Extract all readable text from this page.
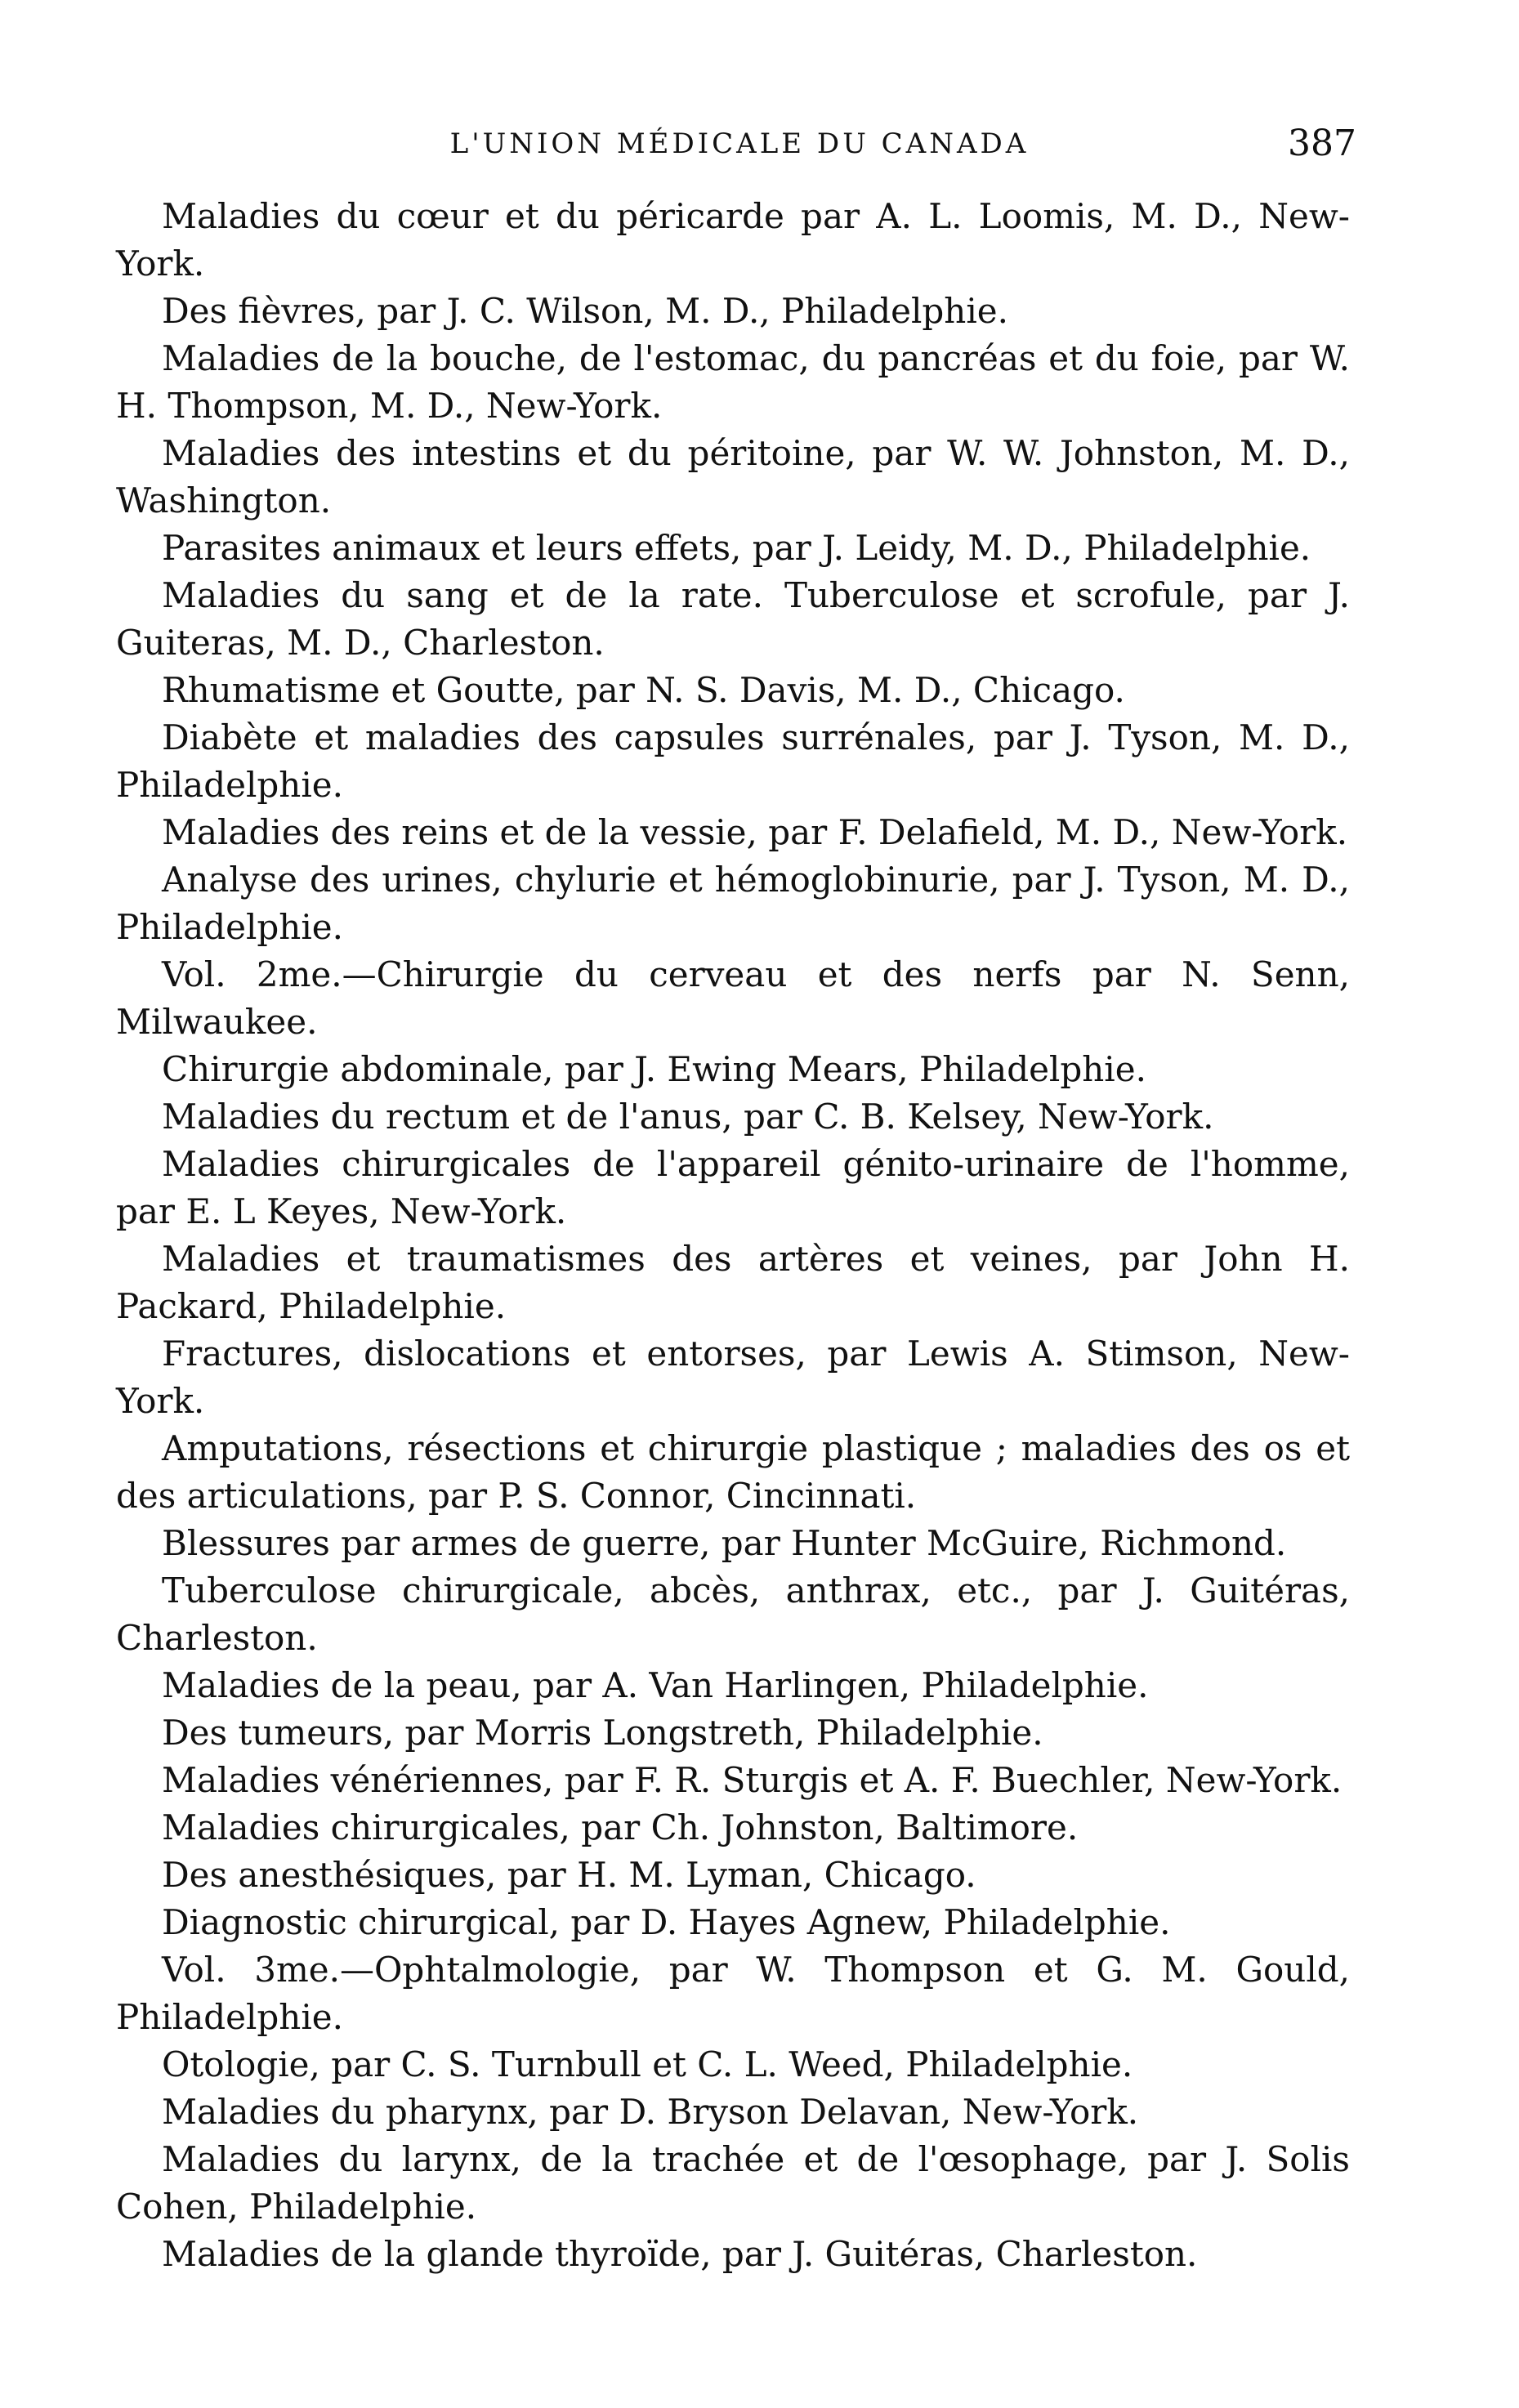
L'UNION MÉDICALE DU CANADA	387

Maladies du cœur et du péricarde par A. L. Loomis, M. D., New-York.

Des fièvres, par J. C. Wilson, M. D., Philadelphie.

Maladies de la bouche, de l'estomac, du pancréas et du foie, par W. H. Thompson, M. D., New-York.

Maladies des intestins et du péritoine, par W. W. Johnston, M. D., Washington.

Parasites animaux et leurs effets, par J. Leidy, M. D., Philadelphie.

Maladies du sang et de la rate. Tuberculose et scrofule, par J. Guiteras, M. D., Charleston.

Rhumatisme et Goutte, par N. S. Davis, M. D., Chicago.

Diabète et maladies des capsules surrénales, par J. Tyson, M. D., Philadelphie.

Maladies des reins et de la vessie, par F. Delafield, M. D., New-York.

Analyse des urines, chylurie et hémoglobinurie, par J. Tyson, M. D., Philadelphie.

Vol. 2me.—Chirurgie du cerveau et des nerfs par N. Senn, Milwaukee.

Chirurgie abdominale, par J. Ewing Mears, Philadelphie.

Maladies du rectum et de l'anus, par C. B. Kelsey, New-York.

Maladies chirurgicales de l'appareil génito-urinaire de l'homme, par E. L Keyes, New-York.

Maladies et traumatismes des artères et veines, par John H. Packard, Philadelphie.

Fractures, dislocations et entorses, par Lewis A. Stimson, New-York.

Amputations, résections et chirurgie plastique ; maladies des os et des articulations, par P. S. Connor, Cincinnati.

Blessures par armes de guerre, par Hunter McGuire, Richmond.

Tuberculose chirurgicale, abcès, anthrax, etc., par J. Guitéras, Charleston.

Maladies de la peau, par A. Van Harlingen, Philadelphie.

Des tumeurs, par Morris Longstreth, Philadelphie.

Maladies vénériennes, par F. R. Sturgis et A. F. Buechler, New-York.

Maladies chirurgicales, par Ch. Johnston, Baltimore.

Des anesthésiques, par H. M. Lyman, Chicago.

Diagnostic chirurgical, par D. Hayes Agnew, Philadelphie.

Vol. 3me.—Ophtalmologie, par W. Thompson et G. M. Gould, Philadelphie.

Otologie, par C. S. Turnbull et C. L. Weed, Philadelphie.

Maladies du pharynx, par D. Bryson Delavan, New-York.

Maladies du larynx, de la trachée et de l'œsophage, par J. Solis Cohen, Philadelphie.

Maladies de la glande thyroïde, par J. Guitéras, Charleston.
